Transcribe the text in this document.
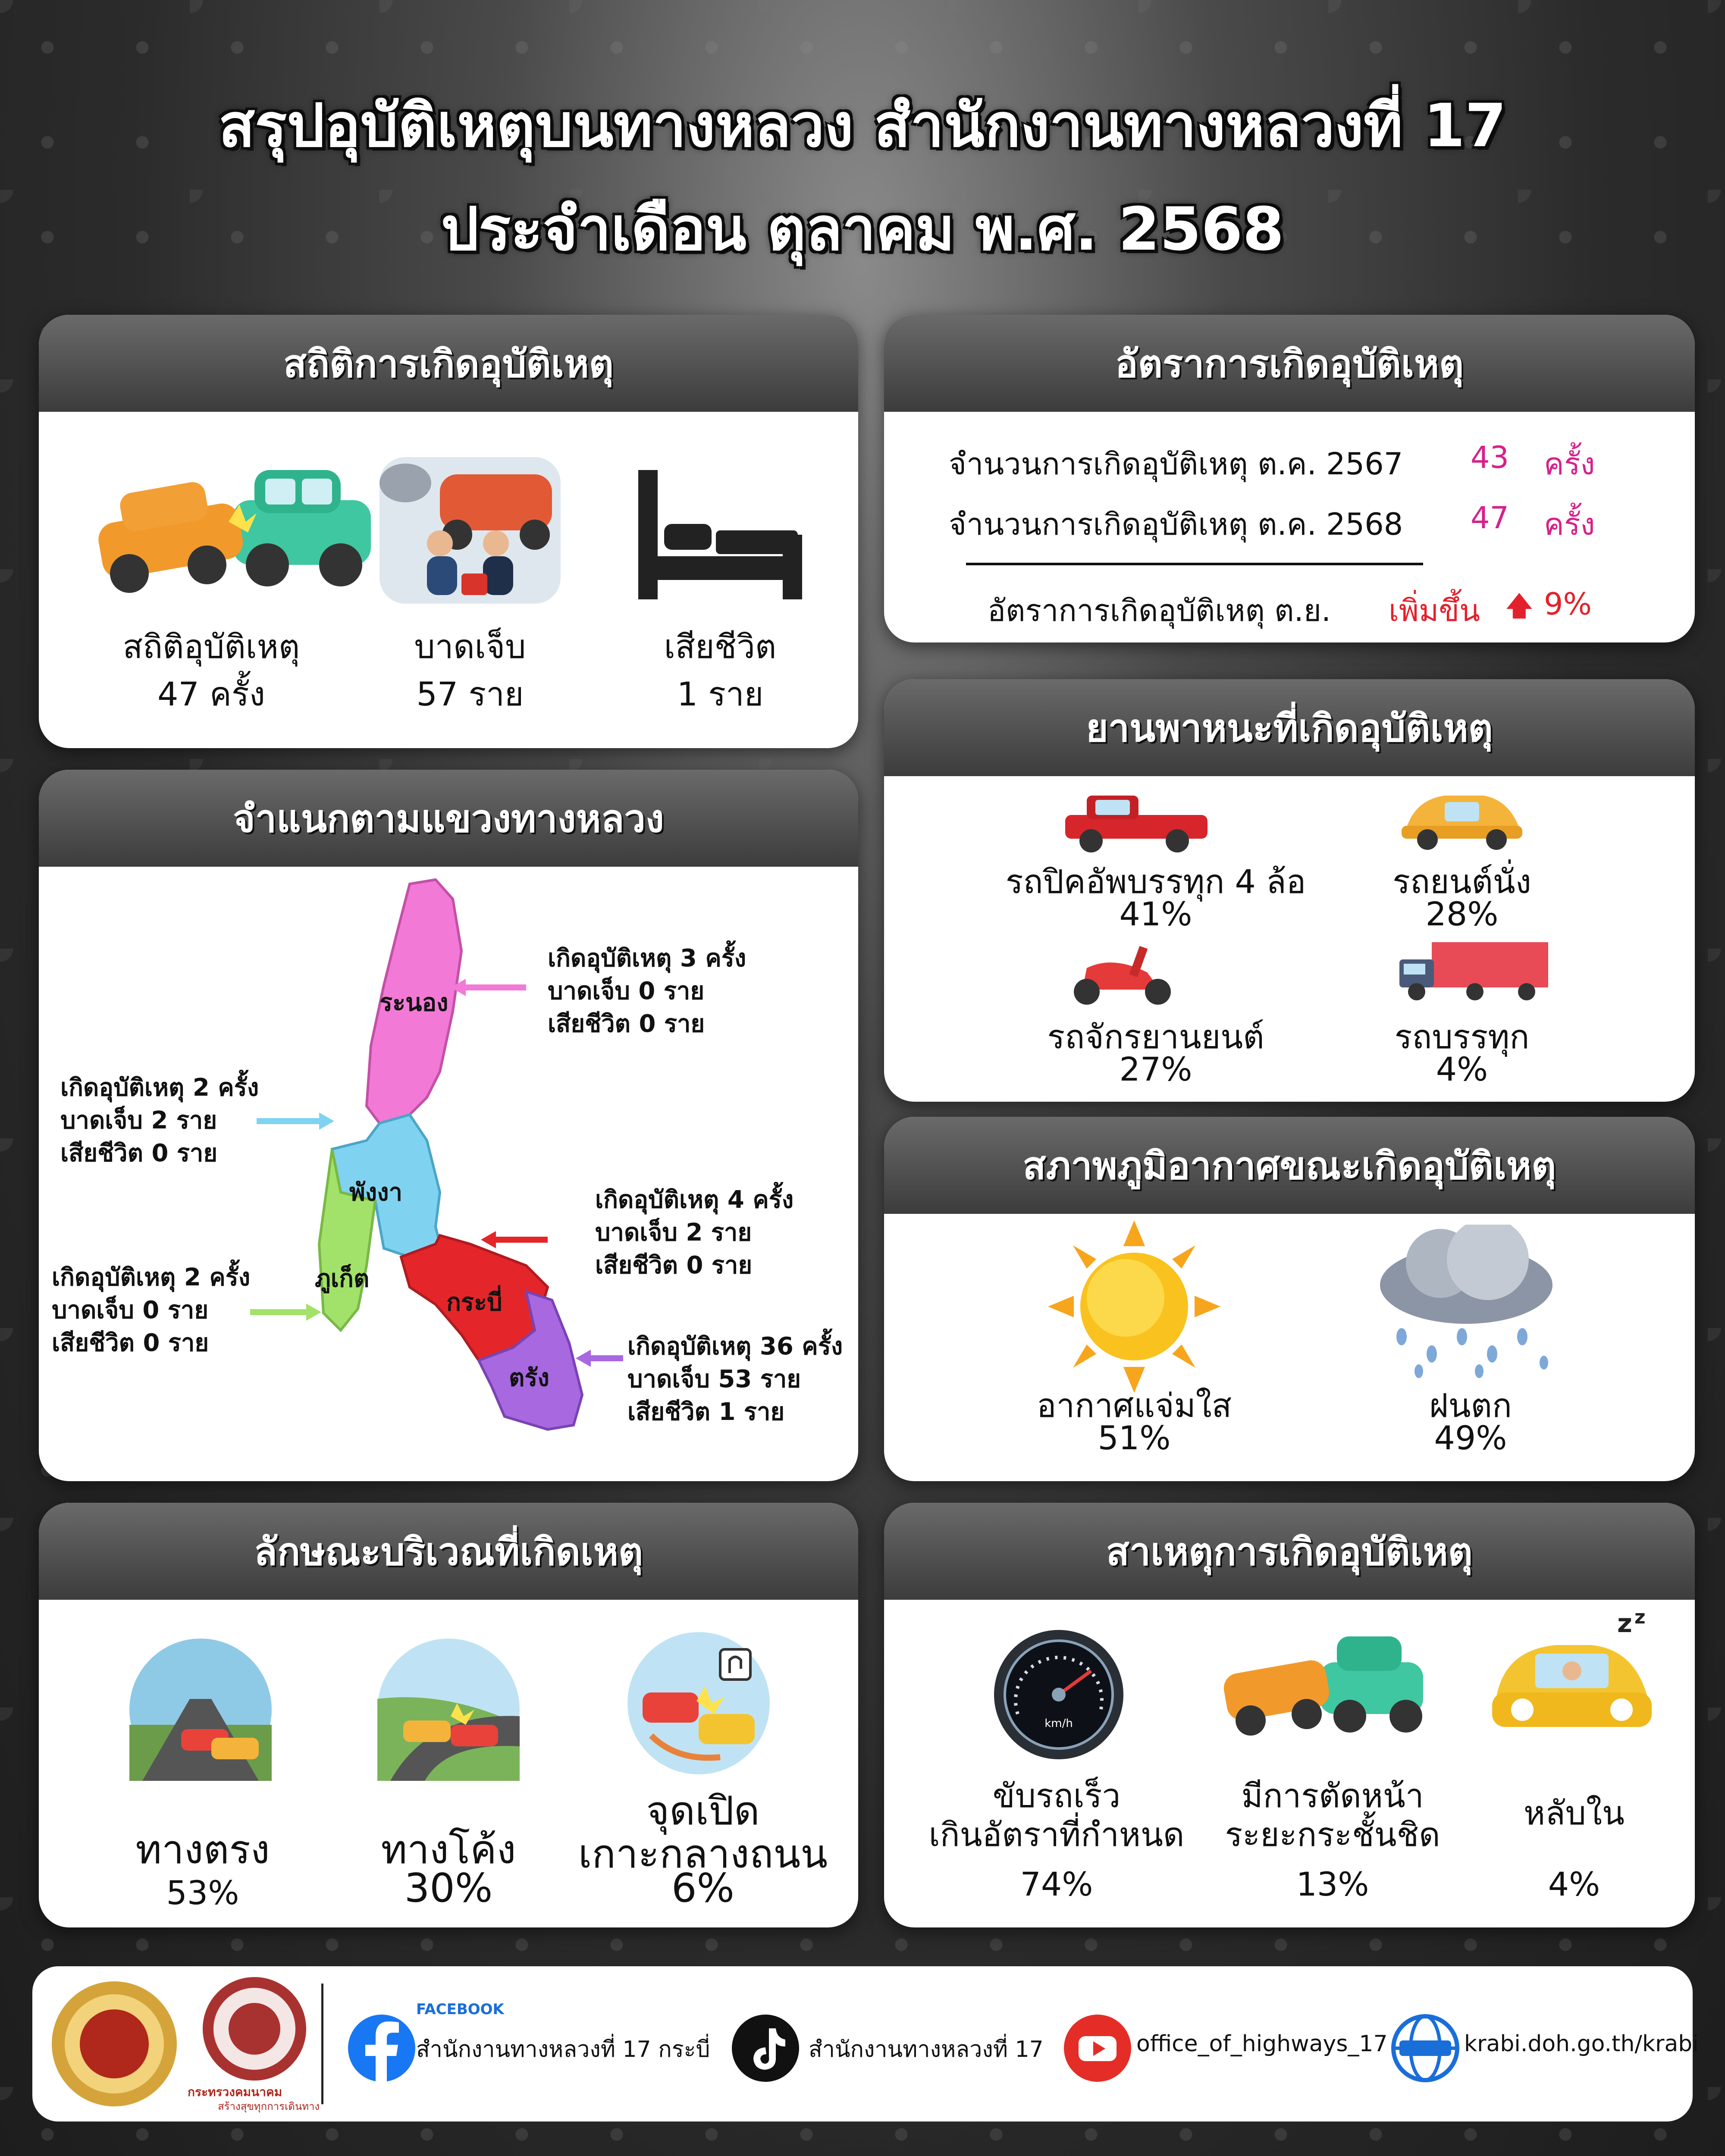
สรุปอุบัติเหตุบนทางหลวง สำนักงานทางหลวงที่ 17
ประจำเดือน ตุลาคม พ.ศ. 2568
สถิติการเกิดอุบัติเหตุ
สถิติอุบัติเหตุ
47 ครั้ง
บาดเจ็บ
57 ราย
เสียชีวิต
1 ราย
อัตราการเกิดอุบัติเหตุ
จำนวนการเกิดอุบัติเหตุ ต.ค. 2567 43 ครั้ง
จำนวนการเกิดอุบัติเหตุ ต.ค. 2568 47 ครั้ง
อัตราการเกิดอุบัติเหตุ ต.ย. เพิ่มขึ้น 🡅 9%
จำแนกตามแขวงทางหลวง
ระนอง
พังงา
ภูเก็ต
กระบี่
ตรัง
เกิดอุบัติเหตุ 3 ครั้ง
บาดเจ็บ 0 ราย
เสียชีวิต 0 ราย
เกิดอุบัติเหตุ 2 ครั้ง
บาดเจ็บ 2 ราย
เสียชีวิต 0 ราย
เกิดอุบัติเหตุ 4 ครั้ง
บาดเจ็บ 2 ราย
เสียชีวิต 0 ราย
เกิดอุบัติเหตุ 2 ครั้ง
บาดเจ็บ 0 ราย
เสียชีวิต 0 ราย	เกิดอุบัติเหตุ 36 ครั้ง
บาดเจ็บ 53 ราย
เสียชีวิต 1 ราย
ยานพาหนะที่เกิดอุบัติเหตุ
รถปิคอัพบรรทุก 4 ล้อ
41%
รถยนต์นั่ง
28%
รถจักรยานยนต์
27%
รถบรรทุก
4%
สภาพภูมิอากาศขณะเกิดอุบัติเหตุ
อากาศแจ่มใส
51%
ฝนตก
49%
ลักษณะบริเวณที่เกิดเหตุ
ทางตรง
53%
ทางโค้ง
30%
จุดเปิด
เกาะกลางถนน
6%
สาเหตุการเกิดอุบัติเหตุ
km/h
z z
ขับรถเร็ว
เกินอัตราที่กำหนด
74%
มีการตัดหน้า
ระยะกระชั้นชิด
13%
หลับใน
4%
กระทรวงคมนาคม
สร้างสุขทุกการเดินทาง
FACEBOOK
สำนักงานทางหลวงที่ 17 กระบี่	สำนักงานทางหลวงที่ 17	office_of_highways_17	krabi.doh.go.th/krabi
